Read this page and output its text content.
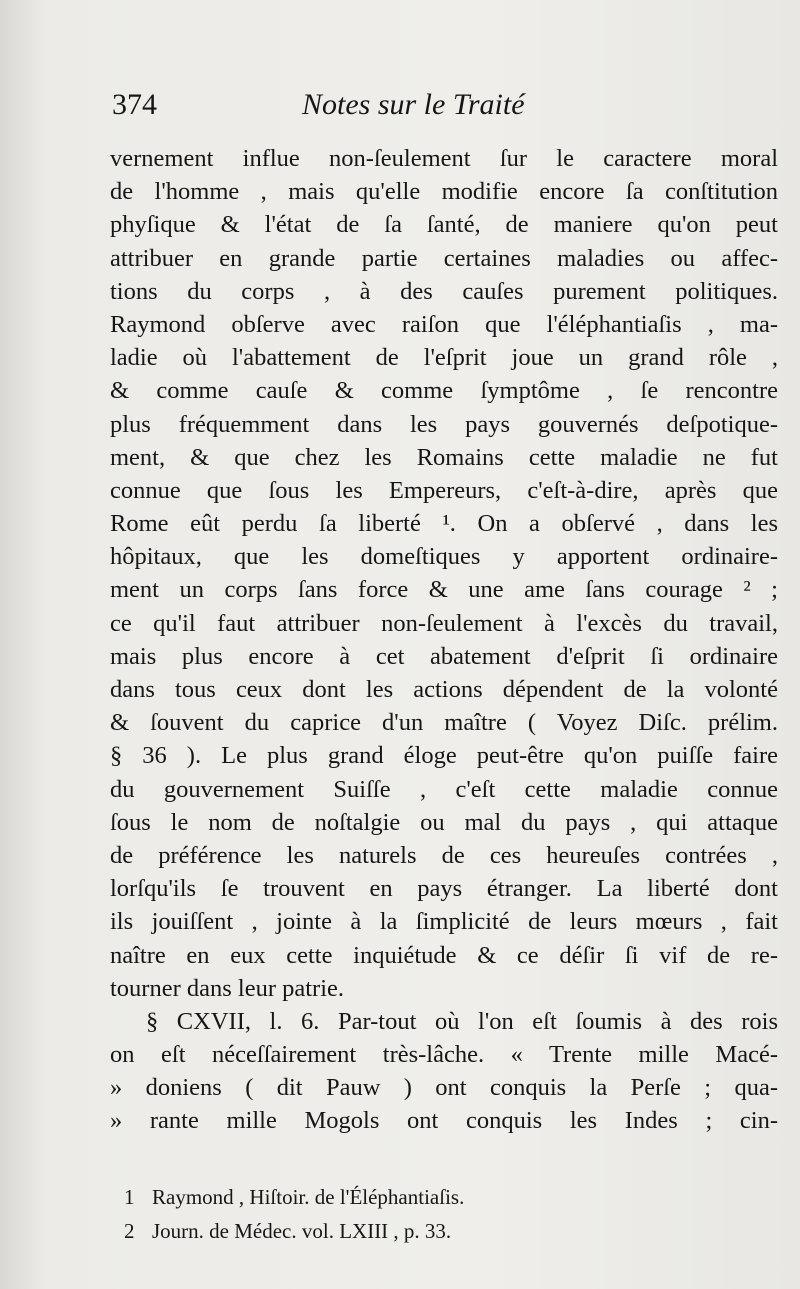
374	Notes sur le Traité
vernement influe non-ſeulement ſur le caractere moral
de l'homme , mais qu'elle modifie encore ſa conſtitution
phyſique & l'état de ſa ſanté, de maniere qu'on peut
attribuer en grande partie certaines maladies ou affec-
tions du corps , à des cauſes purement politiques.
Raymond obſerve avec raiſon que l'éléphantiaſis , ma-
ladie où l'abattement de l'eſprit joue un grand rôle ,
& comme cauſe & comme ſymptôme , ſe rencontre
plus fréquemment dans les pays gouvernés deſpotique-
ment, & que chez les Romains cette maladie ne fut
connue que ſous les Empereurs, c'eſt-à-dire, après que
Rome eût perdu ſa liberté ¹. On a obſervé , dans les
hôpitaux, que les domeſtiques y apportent ordinaire-
ment un corps ſans force & une ame ſans courage ² ;
ce qu'il faut attribuer non-ſeulement à l'excès du travail,
mais plus encore à cet abatement d'eſprit ſi ordinaire
dans tous ceux dont les actions dépendent de la volonté
& ſouvent du caprice d'un maître ( Voyez Diſc. prélim.
§ 36 ). Le plus grand éloge peut-être qu'on puiſſe faire
du gouvernement Suiſſe , c'eſt cette maladie connue
ſous le nom de noſtalgie ou mal du pays , qui attaque
de préférence les naturels de ces heureuſes contrées ,
lorſqu'ils ſe trouvent en pays étranger. La liberté dont
ils jouiſſent , jointe à la ſimplicité de leurs mœurs , fait
naître en eux cette inquiétude & ce déſir ſi vif de re-
tourner dans leur patrie.
§ CXVII, l. 6. Par-tout où l'on eſt ſoumis à des rois
on eſt néceſſairement très-lâche. « Trente mille Macé-
» doniens ( dit Pauw ) ont conquis la Perſe ; qua-
» rante mille Mogols ont conquis les Indes ; cin-
1 Raymond , Hiſtoir. de l'Éléphantiaſis.
2 Journ. de Médec. vol. LXIII , p. 33.
